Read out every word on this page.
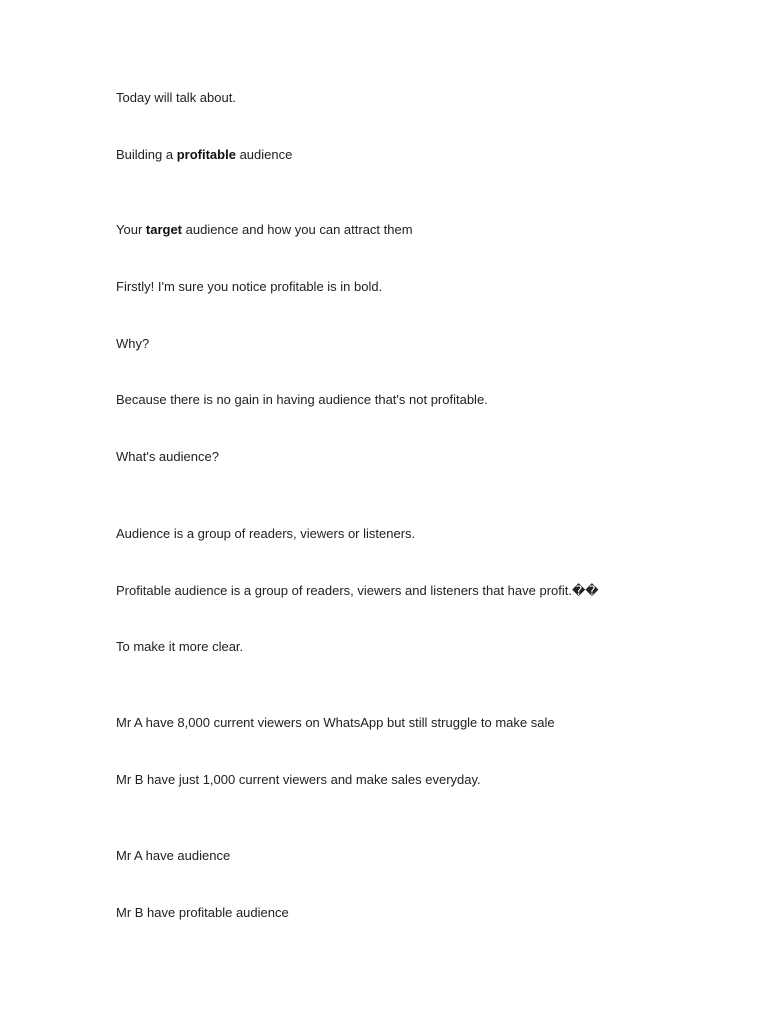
Today will talk about.
Building a profitable audience
Your target audience and how you can attract them
Firstly! I'm sure you notice profitable is in bold.
Why?
Because there is no gain in having audience that's not profitable.
What's audience?
Audience is a group of readers, viewers or listeners.
Profitable audience is a group of readers, viewers and listeners that have profit.��
To make it more clear.
Mr A have 8,000 current viewers on WhatsApp but still struggle to make sale
Mr B have just 1,000 current viewers and make sales everyday.
Mr A have audience
Mr B have profitable audience
